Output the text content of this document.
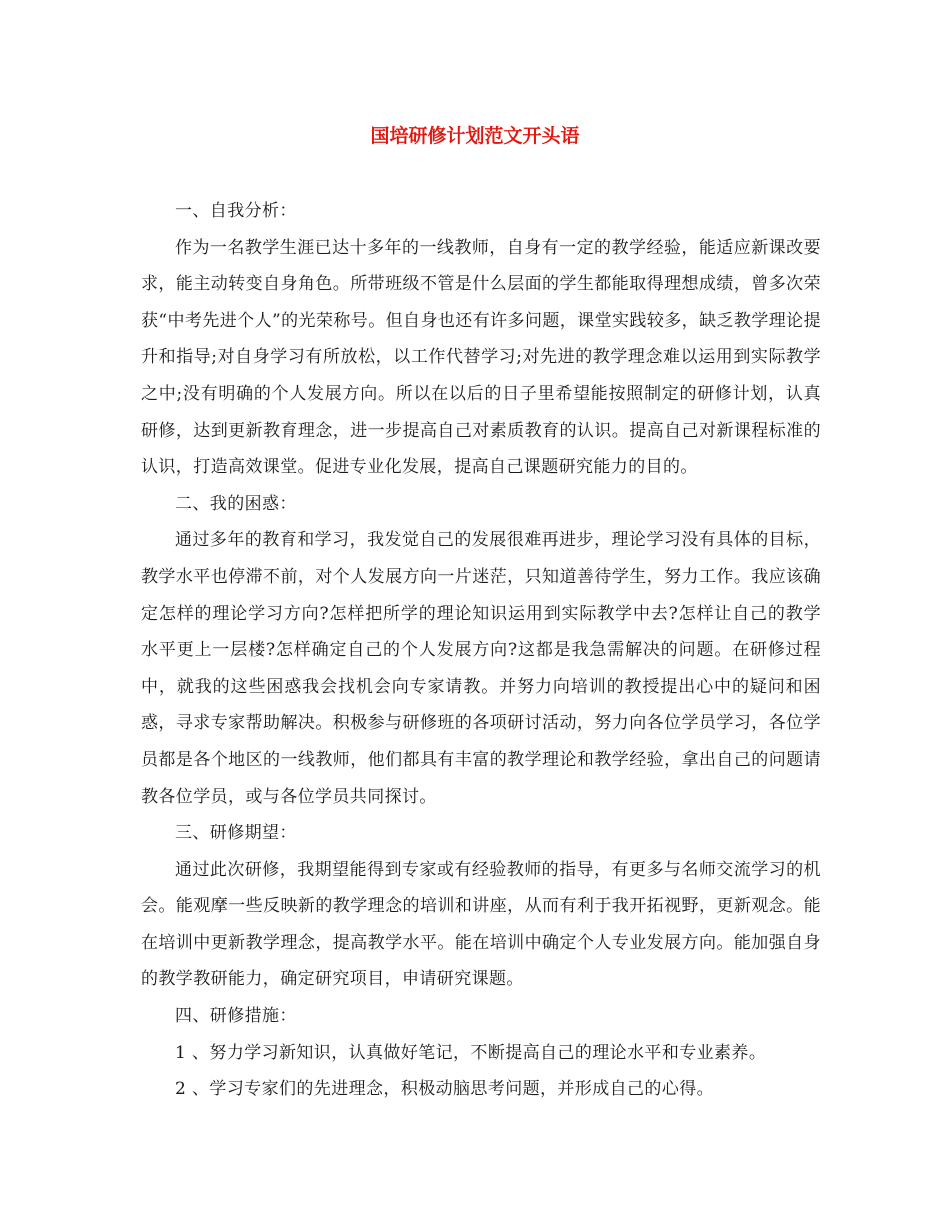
国培研修计划范文开头语

一、自我分析：

作为一名教学生涯已达十多年的一线教师，自身有一定的教学经验，能适应新课改要求，能主动转变自身角色。所带班级不管是什么层面的学生都能取得理想成绩，曾多次荣获“中考先进个人”的光荣称号。但自身也还有许多问题，课堂实践较多，缺乏教学理论提升和指导;对自身学习有所放松，以工作代替学习;对先进的教学理念难以运用到实际教学之中;没有明确的个人发展方向。所以在以后的日子里希望能按照制定的研修计划，认真研修，达到更新教育理念，进一步提高自己对素质教育的认识。提高自己对新课程标准的认识，打造高效课堂。促进专业化发展，提高自己课题研究能力的目的。

二、我的困惑：

通过多年的教育和学习，我发觉自己的发展很难再进步，理论学习没有具体的目标，教学水平也停滞不前，对个人发展方向一片迷茫，只知道善待学生，努力工作。我应该确定怎样的理论学习方向?怎样把所学的理论知识运用到实际教学中去?怎样让自己的教学水平更上一层楼?怎样确定自己的个人发展方向?这都是我急需解决的问题。在研修过程中，就我的这些困惑我会找机会向专家请教。并努力向培训的教授提出心中的疑问和困惑，寻求专家帮助解决。积极参与研修班的各项研讨活动，努力向各位学员学习，各位学员都是各个地区的一线教师，他们都具有丰富的教学理论和教学经验，拿出自己的问题请教各位学员，或与各位学员共同探讨。

三、研修期望：

通过此次研修，我期望能得到专家或有经验教师的指导，有更多与名师交流学习的机会。能观摩一些反映新的教学理念的培训和讲座，从而有利于我开拓视野，更新观念。能在培训中更新教学理念，提高教学水平。能在培训中确定个人专业发展方向。能加强自身的教学教研能力，确定研究项目，申请研究课题。

四、研修措施：

1 、努力学习新知识，认真做好笔记，不断提高自己的理论水平和专业素养。

2 、学习专家们的先进理念，积极动脑思考问题，并形成自己的心得。
